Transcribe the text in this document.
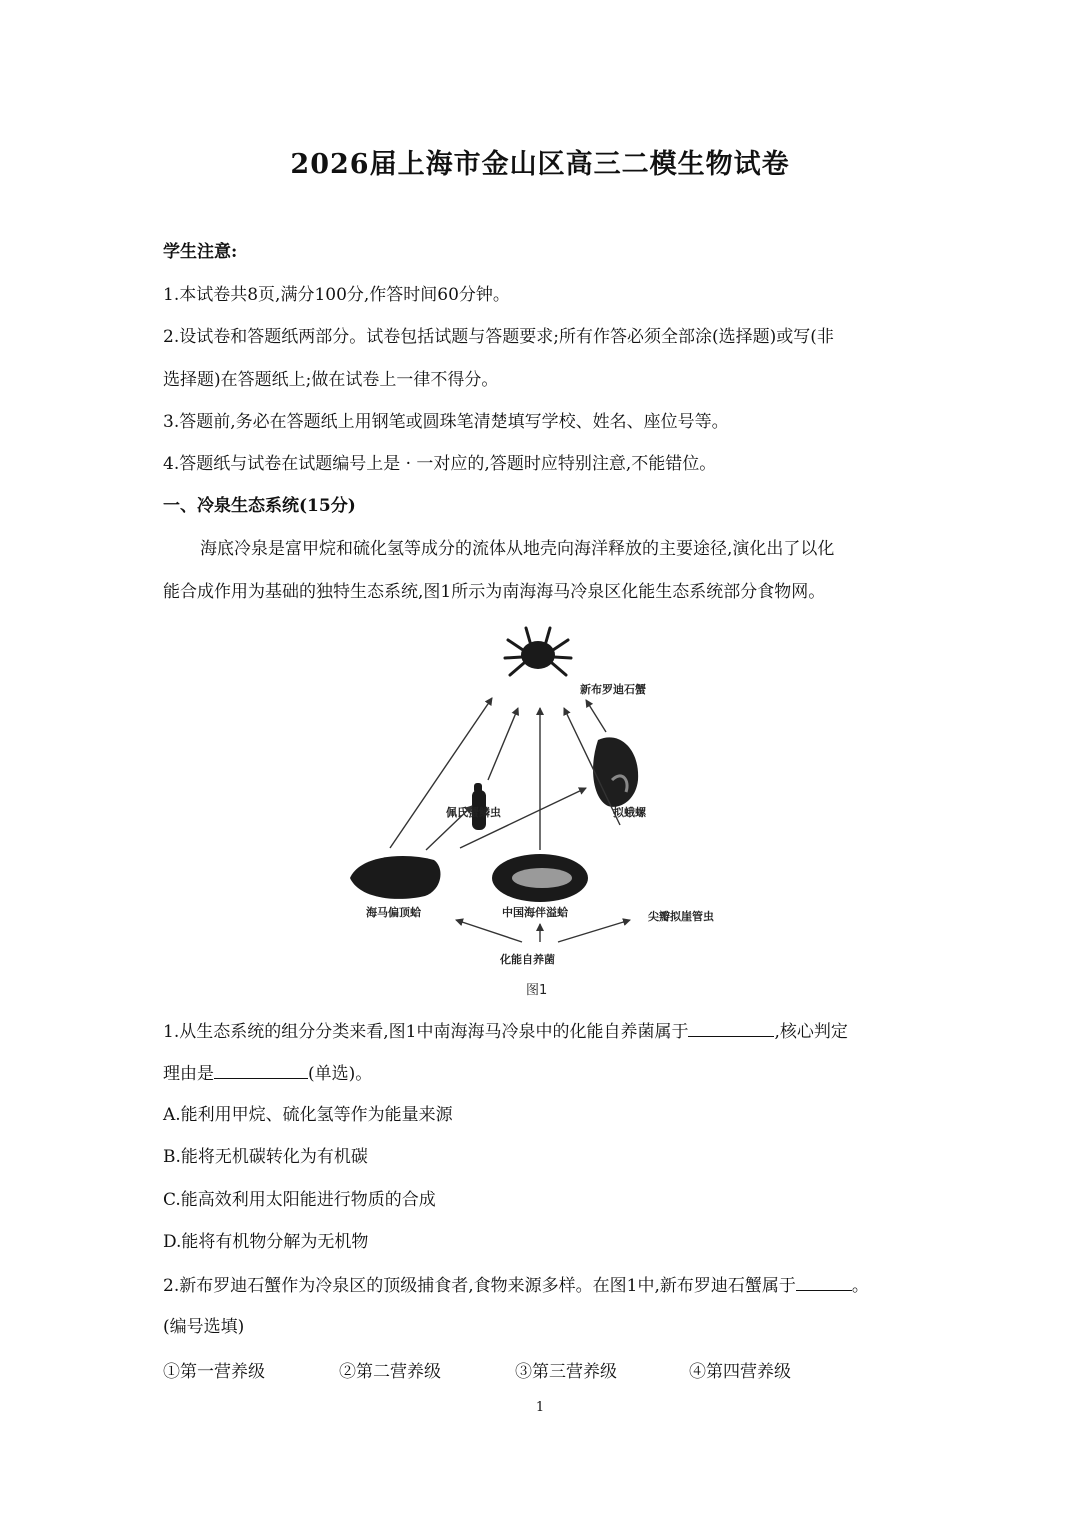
2026届上海市金山区高三二模生物试卷
学生注意:
1.本试卷共8页,满分100分,作答时间60分钟。
2.设试卷和答题纸两部分。试卷包括试题与答题要求;所有作答必须全部涂(选择题)或写(非
选择题)在答题纸上;做在试卷上一律不得分。
3.答题前,务必在答题纸上用钢笔或圆珠笔清楚填写学校、姓名、座位号等。
4.答题纸与试卷在试题编号上是 · 一对应的,答题时应特别注意,不能错位。
一、冷泉生态系统(15分)
海底冷泉是富甲烷和硫化氢等成分的流体从地壳向海洋释放的主要途径,演化出了以化
能合成作用为基础的独特生态系统,图1所示为南海海马冷泉区化能生态系统部分食物网。
新布罗迪石蟹
佩氏蟹鳞虫	拟蛾螺
海马偏顶蛤	中国海伴溢蛤	尖瓣拟崖管虫
化能自养菌
图1
1.从生态系统的组分分类来看,图1中南海海马冷泉中的化能自养菌属于	,核心判定
理由是	(单选)。
A.能利用甲烷、硫化氢等作为能量来源
B.能将无机碳转化为有机碳
C.能高效利用太阳能进行物质的合成
D.能将有机物分解为无机物
2.新布罗迪石蟹作为冷泉区的顶级捕食者,食物来源多样。在图1中,新布罗迪石蟹属于	。
(编号选填)
①第一营养级	②第二营养级	③第三营养级	④第四营养级
1
